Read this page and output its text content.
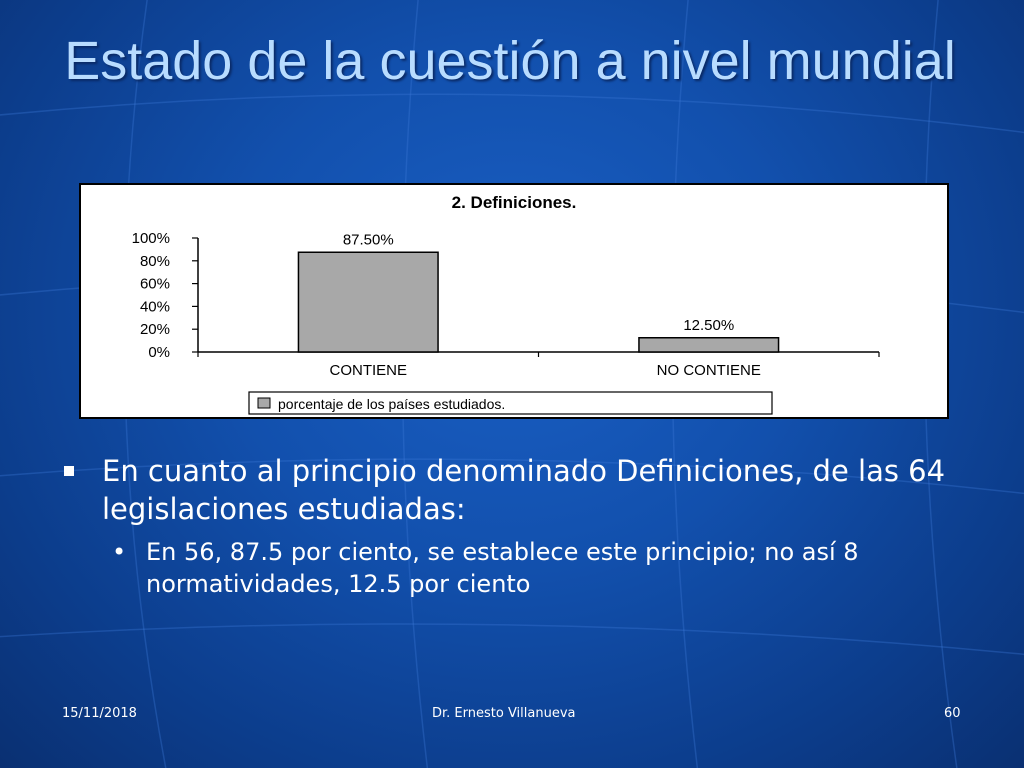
Estado de la cuestión a nivel mundial
2. Definiciones.
0%
20%
40%
60%
80%
100%	87.50%
CONTIENE
12.50%
NO CONTIENE
porcentaje de los países estudiados.
En cuanto al principio denominado Definiciones, de las 64 legislaciones estudiadas:
• En 56, 87.5 por ciento, se establece este principio; no así 8 normatividades, 12.5 por ciento
15/11/2018	Dr. Ernesto Villanueva	60
